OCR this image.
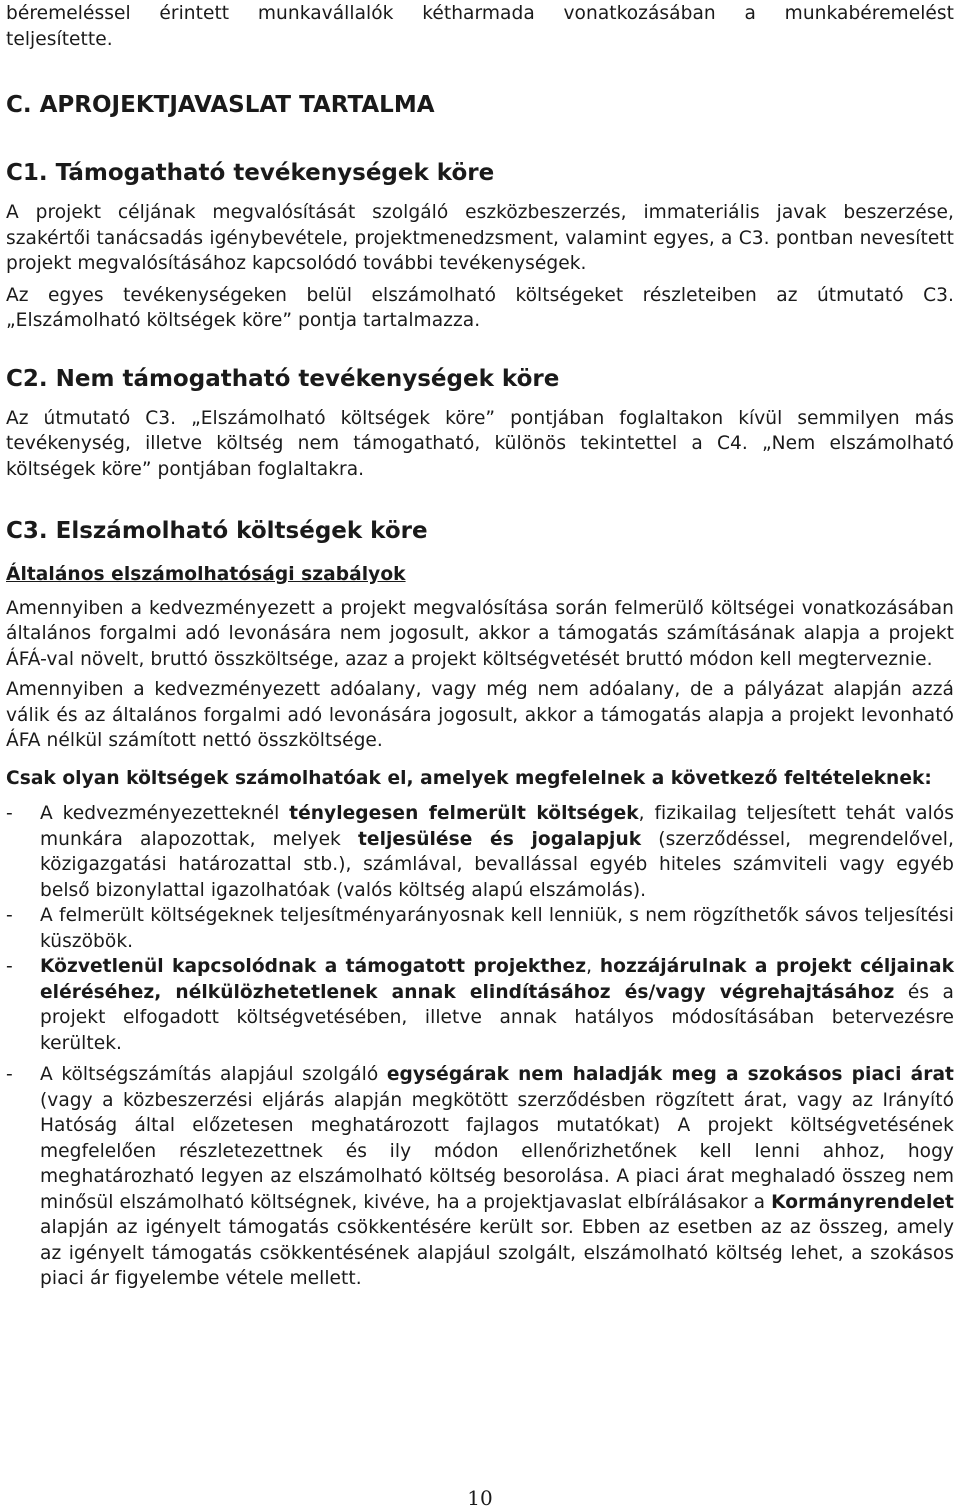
béremeléssel érintett munkavállalók kétharmada vonatkozásában a munkabéremelést
teljesítette.

C. APROJEKTJAVASLAT TARTALMA
C1. Támogatható tevékenységek köre

A projekt céljának megvalósítását szolgáló eszközbeszerzés, immateriális javak beszerzése, szakértői tanácsadás igénybevétele, projektmenedzsment, valamint egyes, a C3. pontban nevesített projekt megvalósításához kapcsolódó további tevékenységek.

Az egyes tevékenységeken belül elszámolható költségeket részleteiben az útmutató C3. „Elszámolható költségek köre” pontja tartalmazza.

C2. Nem támogatható tevékenységek köre

Az útmutató C3. „Elszámolható költségek köre” pontjában foglaltakon kívül semmilyen más tevékenység, illetve költség nem támogatható, különös tekintettel a C4. „Nem elszámolható költségek köre” pontjában foglaltakra.

C3. Elszámolható költségek köre

Általános elszámolhatósági szabályok

Amennyiben a kedvezményezett a projekt megvalósítása során felmerülő költségei vonatkozásában általános forgalmi adó levonására nem jogosult, akkor a támogatás számításának alapja a projekt ÁFÁ-val növelt, bruttó összköltsége, azaz a projekt költségvetését bruttó módon kell megterveznie.

Amennyiben a kedvezményezett adóalany, vagy még nem adóalany, de a pályázat alapján azzá válik és az általános forgalmi adó levonására jogosult, akkor a támogatás alapja a projekt levonható ÁFA nélkül számított nettó összköltsége.

Csak olyan költségek számolhatóak el, amelyek megfelelnek a következő feltételeknek:

-	A kedvezményezetteknél ténylegesen felmerült költségek, fizikailag teljesített tehát valós munkára alapozottak, melyek teljesülése és jogalapjuk (szerződéssel, megrendelővel, közigazgatási határozattal stb.), számlával, bevallással egyéb hiteles számviteli vagy egyéb belső bizonylattal igazolhatóak (valós költség alapú elszámolás).
-	A felmerült költségeknek teljesítményarányosnak kell lenniük, s nem rögzíthetők sávos teljesítési küszöbök.
-	Közvetlenül kapcsolódnak a támogatott projekthez, hozzájárulnak a projekt céljainak eléréséhez, nélkülözhetetlenek annak elindításához és/vagy végrehajtásához és a projekt elfogadott költségvetésében, illetve annak hatályos módosításában betervezésre kerültek.
-	A költségszámítás alapjául szolgáló egységárak nem haladják meg a szokásos piaci árat (vagy a közbeszerzési eljárás alapján megkötött szerződésben rögzített árat, vagy az Irányító Hatóság által előzetesen meghatározott fajlagos mutatókat) A projekt költségvetésének megfelelően részletezettnek és ily módon ellenőrizhetőnek kell lenni ahhoz, hogy meghatározható legyen az elszámolható költség besorolása. A piaci árat meghaladó összeg nem minősül elszámolható költségnek, kivéve, ha a projektjavaslat elbírálásakor a Kormányrendelet alapján az igényelt támogatás csökkentésére került sor. Ebben az esetben az az összeg, amely az igényelt támogatás csökkentésének alapjául szolgált, elszámolható költség lehet, a szokásos piaci ár figyelembe vétele mellett.
10
